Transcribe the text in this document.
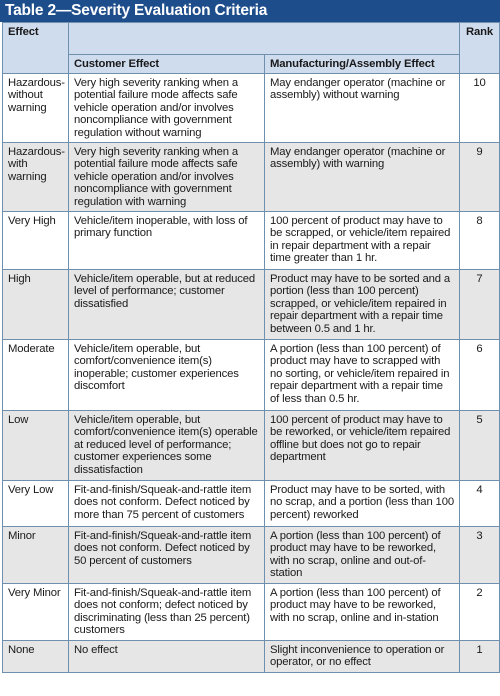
Table 2—Severity Evaluation Criteria
Effect			Rank
	Customer Effect	Manufacturing/Assembly Effect	
Hazardous-without warning	Very high severity ranking when a potential failure mode affects safe vehicle operation and/or involves noncompliance with government regulation without warning	May endanger operator (machine or assembly) without warning	10
Hazardous-with warning	Very high severity ranking when a potential failure mode affects safe vehicle operation and/or involves noncompliance with government regulation with warning	May endanger operator (machine or assembly) with warning	9
Very High	Vehicle/item inoperable, with loss of primary function	100 percent of product may have to be scrapped, or vehicle/item repaired in repair department with a repair time greater than 1 hr.	8
High	Vehicle/item operable, but at reduced level of performance; customer dissatisfied	Product may have to be sorted and a portion (less than 100 percent) scrapped, or vehicle/item repaired in repair department with a repair time between 0.5 and 1 hr.	7
Moderate	Vehicle/item operable, but comfort/convenience item(s) inoperable; customer experiences discomfort	A portion (less than 100 percent) of product may have to scrapped with no sorting, or vehicle/item repaired in repair department with a repair time of less than 0.5 hr.	6
Low	Vehicle/item operable, but comfort/convenience item(s) operable at reduced level of performance; customer experiences some dissatisfaction	100 percent of product may have to be reworked, or vehicle/item repaired offline but does not go to repair department	5
Very Low	Fit-and-finish/Squeak-and-rattle item does not conform. Defect noticed by more than 75 percent of customers	Product may have to be sorted, with no scrap, and a portion (less than 100 percent) reworked	4
Minor	Fit-and-finish/Squeak-and-rattle item does not conform. Defect noticed by 50 percent of customers	A portion (less than 100 percent) of product may have to be reworked, with no scrap, online and out-of-station	3
Very Minor	Fit-and-finish/Squeak-and-rattle item does not conform; defect noticed by discriminating (less than 25 percent) customers	A portion (less than 100 percent) of product may have to be reworked, with no scrap, online and in-station	2
None	No effect	Slight inconvenience to operation or operator, or no effect	1
